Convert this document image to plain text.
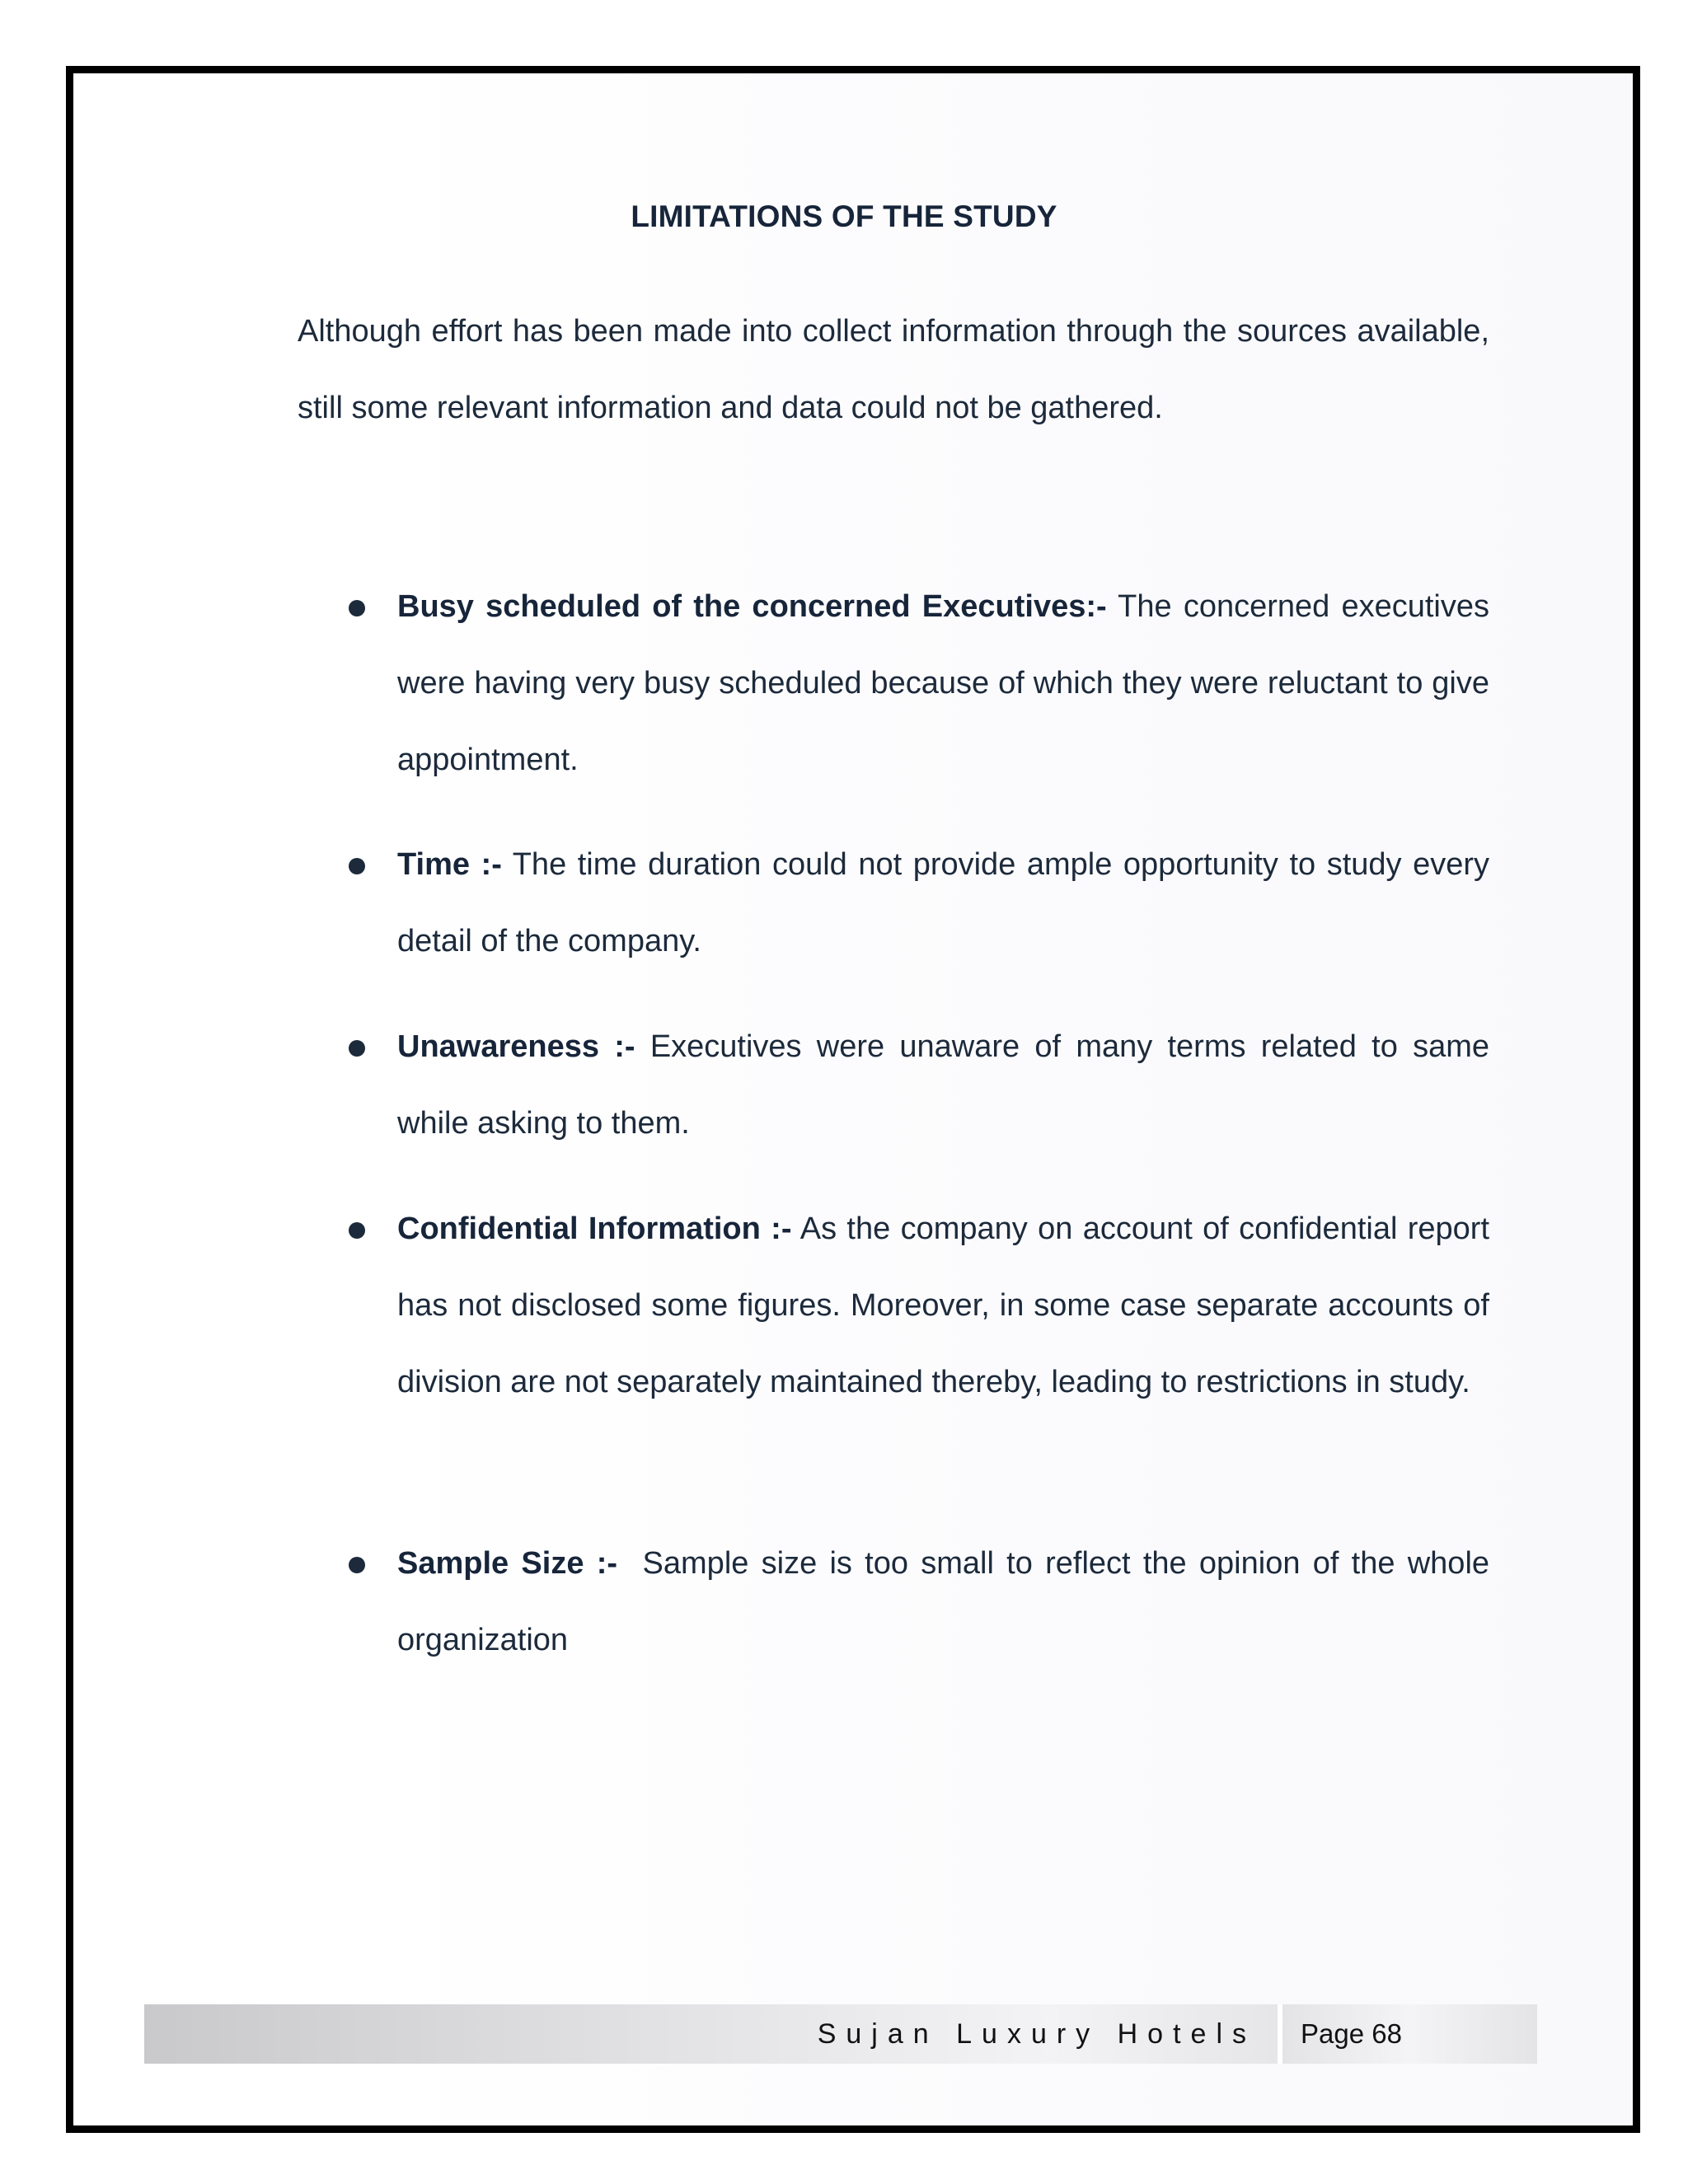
LIMITATIONS OF THE STUDY

Although effort has been made into collect information through the sources available, still some relevant information and data could not be gathered.

Busy scheduled of the concerned Executives:- The concerned executives were having very busy scheduled because of which they were reluctant to give appointment.

Time :- The time duration could not provide ample opportunity to study every detail of the company.

Unawareness :- Executives were unaware of many terms related to same while asking to them.

Confidential Information :- As the company on account of confidential report has not disclosed some figures. Moreover, in some case separate accounts of division are not separately maintained thereby, leading to restrictions in study.

Sample Size :-  Sample size is too small to reflect the opinion of the whole organization

Sujan Luxury Hotels Page 68
